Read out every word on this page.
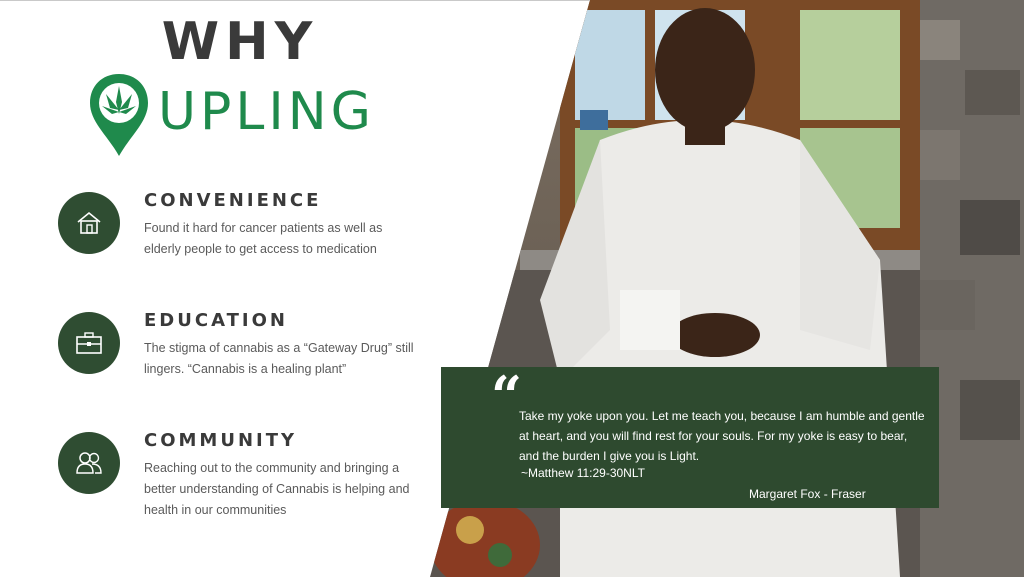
WHY
UPLING
CONVENIENCE
Found it hard for cancer patients as well as elderly people to get access to medication
EDUCATION
The stigma of cannabis as a “Gateway Drug” still lingers. “Cannabis is a healing plant”
COMMUNITY
Reaching out to the community and bringing a better understanding of Cannabis is helping and health in our communities
“
Take my yoke upon you. Let me teach you, because I am humble and gentle at heart, and you will find rest for your souls. For my yoke is easy to bear, and the burden I give you is Light.
~Matthew 11:29-30NLT
Margaret Fox - Fraser
